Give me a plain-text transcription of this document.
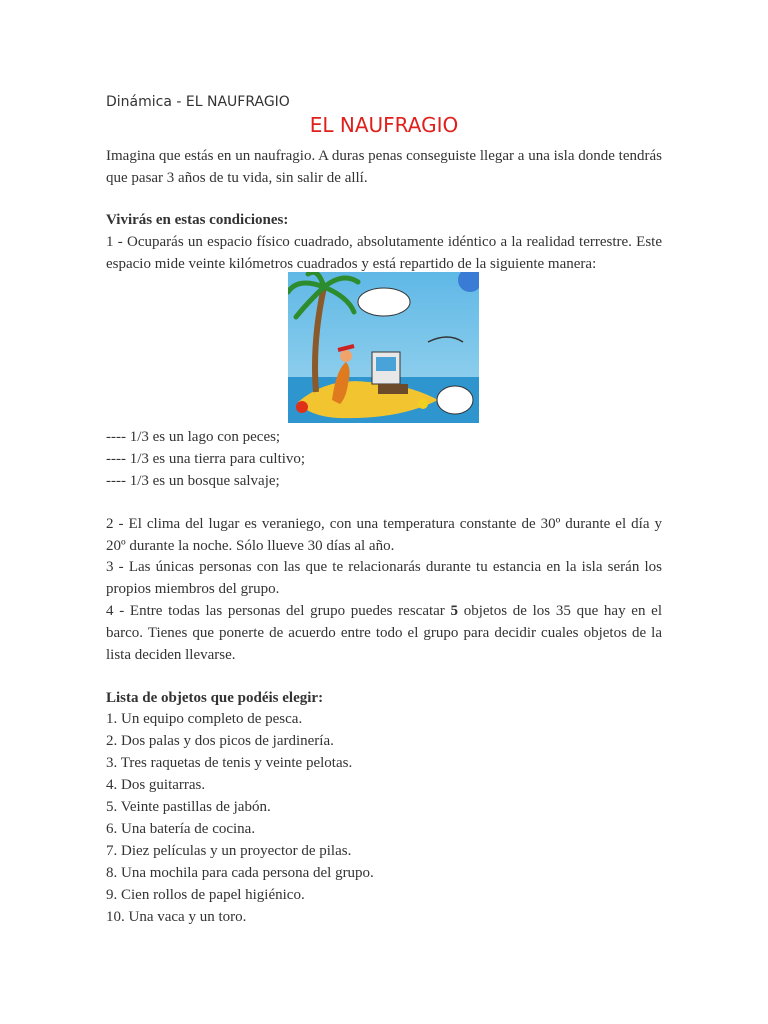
Dinámica - EL NAUFRAGIO
EL NAUFRAGIO
Imagina que estás en un naufragio. A duras penas conseguiste llegar a una isla donde tendrás que pasar 3 años de tu vida, sin salir de allí.
Vivirás en estas condiciones:
1 - Ocuparás un espacio físico cuadrado, absolutamente idéntico a la realidad terrestre. Este espacio mide veinte kilómetros cuadrados y está repartido de la siguiente manera:
---- 1/3 es un lago con peces;
---- 1/3 es una tierra para cultivo;
---- 1/3 es un bosque salvaje;
2 - El clima del lugar es veraniego, con una temperatura constante de 30º durante el día y 20º durante la noche. Sólo llueve 30 días al año.
3 - Las únicas personas con las que te relacionarás durante tu estancia en la isla serán los propios miembros del grupo.
4 - Entre todas las personas del grupo puedes rescatar 5 objetos de los 35 que hay en el barco. Tienes que ponerte de acuerdo entre todo el grupo para decidir cuales objetos de la lista deciden llevarse.
Lista de objetos que podéis elegir:
1. Un equipo completo de pesca.
2. Dos palas y dos picos de jardinería.
3. Tres raquetas de tenis y veinte pelotas.
4. Dos guitarras.
5. Veinte pastillas de jabón.
6. Una batería de cocina.
7. Diez películas y un proyector de pilas.
8. Una mochila para cada persona del grupo.
9. Cien rollos de papel higiénico.
10. Una vaca y un toro.
